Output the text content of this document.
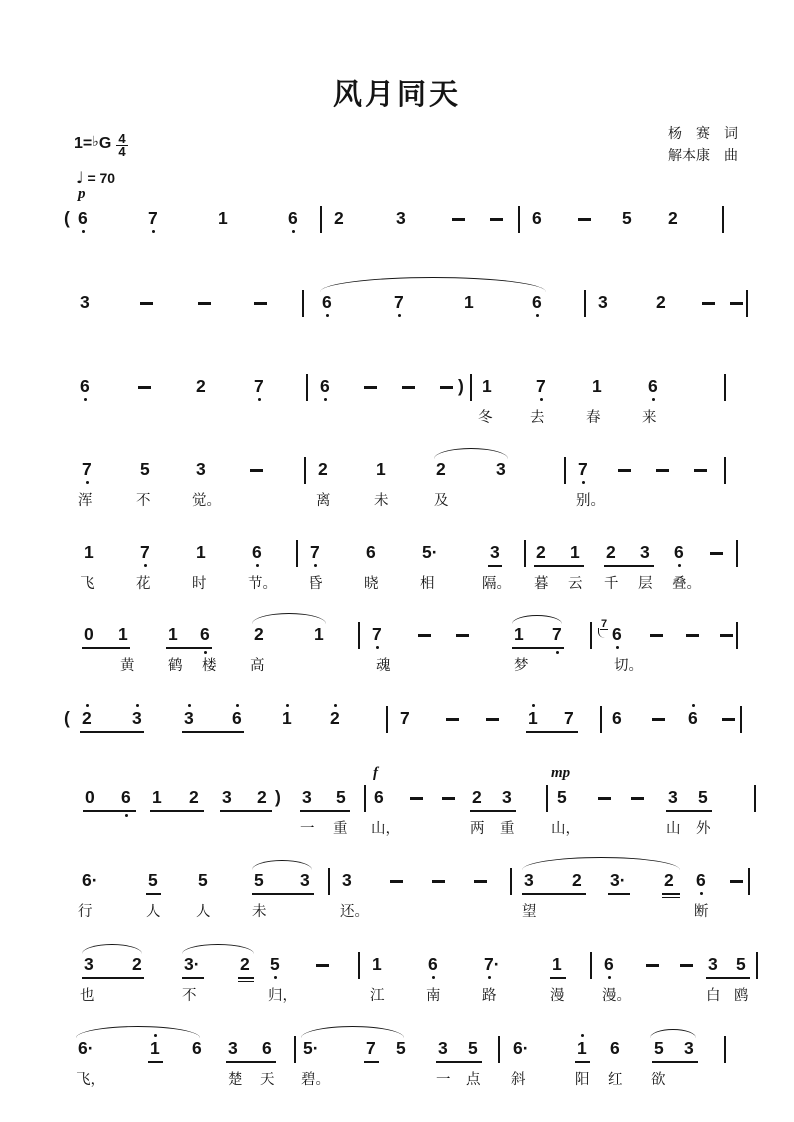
风月同天
1=♭G $\frac{4}{4}$
♩ = 70
杨　赛　词
解本康　曲
( 6	7	1	6 2	3	6	5 2
p
3	6	7	1	6	3	2
6	2	7	6	) 1	7	1	6
冬	去	春	来
7	5	3	2	1	2	3	7
浑	不	觉。	离	未	及	别。
1	7	1	6	7	6	5·	3 2 1 2 3 6
飞	花	时	节。 昏	晓	相	隔。 暮 云 千 层 叠。
0 1 1 6	2	1	7	1 7	7 6
黄 鹤 楼 高	魂	梦	切。
( 2 3 3 6 1 2	7	1 7 6	6
0 6 1 2 3 2 ) 3 5 6	2 3	5	3 5
一 重 山，	两 重	山，	山 外
f	mp
6·	5 5	5 3 3	3 2 3· 2 6
行	人 人	未	还。	望	断
3 2 3· 2 5	1	6	7·	1 6	3 5
也	不	归，	江	南	路	漫	漫。	白 鸥
6·	1 6 3 6 5·	7 5 3 5 6·	1 6 5 3
飞，	楚 天 碧。	一 点 斜	阳 红 欲
